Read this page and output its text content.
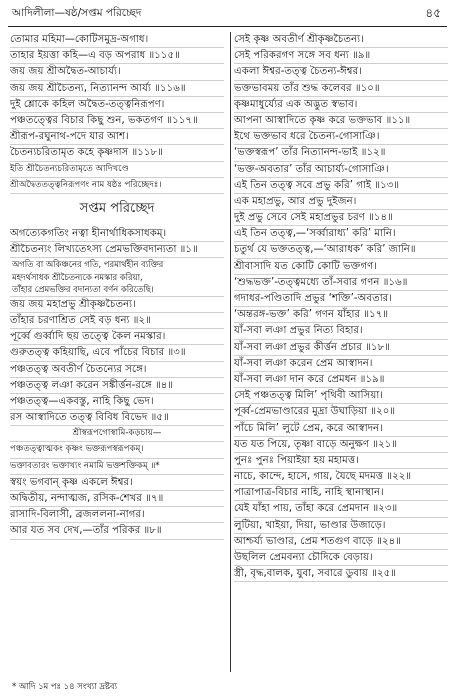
আদিলীলা—ষষ্ঠ/সপ্তম পরিচ্ছেদ	৪৫
তোমার মহিমা—কোটিসমুদ্র-অগাধ।
তাহার ইয়ত্তা কহি—এ বড় অপরাধ ॥১১৫॥
জয় জয় শ্রীঅদ্বৈত-আচার্য্য।
জয় জয় শ্রীচৈতন্য, নিত্যানন্দ আর্য্য ॥১১৬॥
দুই শ্লোকে কহিল অদ্বৈত-তত্ত্বনিরূপণ।
পঞ্চতত্ত্বের বিচার কিছু শুন, ভকতগণ ॥১১৭॥
শ্রীরূপ-রঘুনাথ-পদে যার আশ।
চৈতন্যচরিতামৃত কহে কৃষ্ণদাস ॥১১৮॥
ইতি শ্রীচৈতন্যচরিতামৃতে আদিখণ্ডে
শ্রীঅদ্বৈততত্ত্বনিরূপণং নাম ষষ্ঠঃ পরিচ্ছেদঃ।
সপ্তম পরিচ্ছেদ
অগত্যেকগতিং নত্বা হীনার্থাধিকসাধকম্।
শ্রীচৈতন্যং লিখ্যতেঽস্য প্রেমভক্তিবদান্যতা ॥১॥
অগতি বা অকিঞ্চনের গতি, পরমার্থহীন ব্যক্তির
মহদর্থসাধক শ্রীচৈতন্যকে নমস্কার করিয়া,
তাঁহার প্রেমভক্তির বদান্যতা বর্ণন করিতেছি।
জয় জয় মহাপ্রভু শ্রীকৃষ্ণচৈতন্য।
তাঁহার চরণাশ্রিত সেই বড় ধন্য ॥২॥
পূর্ব্বে গুর্ব্বাদি ছয় তত্ত্বে কৈল নমস্কার।
গুরুতত্ত্ব কহিয়াছি, এবে পাঁচের বিচার ॥৩॥
পঞ্চতত্ত্ব অবতীর্ণ চৈতন্যের সঙ্গে।
পঞ্চতত্ত্ব লঞা করেন সঙ্কীর্ত্তন-রঙ্গে ॥৪॥
পঞ্চতত্ত্ব—একবস্তু, নাহি কিছু ভেদ।
রস আস্বাদিতে তত্ত্ব বিবিধ বিভেদ ॥৫॥
শ্রীস্বরূপগোস্বামি-কড়চায়—
পঞ্চতত্ত্বাত্মকং কৃষ্ণং ভক্তরূপস্বরূপকম্।
ভক্তাবতারং ভক্তাখ্যং নমামি ভক্তশক্তিকম্ ॥*
স্বয়ং ভগবান্ কৃষ্ণ একলে ঈশ্বর।
অদ্বিতীয়, নন্দাত্মজ, রসিক-শেখর ॥৭॥
রাসাদি-বিলাসী, ব্রজললনা-নাগর।
আর যত সব দেখ,—তাঁর পরিকর ॥৮॥
সেই কৃষ্ণ অবতীর্ণ শ্রীকৃষ্ণচৈতন্য।
সেই পরিকরগণ সঙ্গে সব ধন্য ॥৯॥
একলা ঈশ্বর-তত্ত্ব চৈতন্য-ঈশ্বর।
ভক্তভাবময় তাঁর শুদ্ধ কলেবর ॥১০॥
কৃষ্ণমাধুর্য্যের এক অদ্ভুত স্বভাব।
আপনা আস্বাদিতে কৃষ্ণ করে ভক্তভাব ॥১১॥
ইথে ভক্তভাব ধরে চৈতন্য-গোসাঞি।
‘ভক্তস্বরূপ’ তাঁর নিত্যানন্দ-ভাই ॥১২॥
‘ভক্ত-অবতার’ তাঁর আচার্য্য-গোসাঞি।
এই তিন তত্ত্ব সবে প্রভু করি’ গাই ॥১৩॥
এক মহাপ্রভু, আর প্রভু দুইজন।
দুই প্রভু সেবে সেই মহাপ্রভুর চরণ ॥১৪॥
এই তিন তত্ত্ব,—‘সর্ব্বারাধ্য’ করি’ মানি।
চতুর্থ যে ভক্ততত্ত্ব,—‘আরাধক’ করি’ জানি॥
শ্রীবাসাদি যত কোটি কোটি ভক্তগণ।
‘শুদ্ধভক্ত’-তত্ত্বমধ্যে তাঁ-সবার গণন ॥১৬॥
গদাধর-পণ্ডিতাদি প্রভুর ‘শক্তি’-অবতার।
‘অন্তরঙ্গ-ভক্ত’ করি’ গণন যাঁহার ॥১৭॥
যাঁ-সবা লঞা প্রভুর নিত্য বিহার।
যাঁ-সবা লঞা প্রভুর কীর্ত্তন প্রচার ॥১৮॥
যাঁ-সবা লঞা করেন প্রেম আস্বাদন।
যাঁ-সবা লঞা দান করে প্রেমধন ॥১৯॥
সেই পঞ্চতত্ত্ব মিলি’ পৃথিবী আসিয়া।
পূর্ব্ব-প্রেমভাণ্ডারের মুদ্রা উঘাড়িয়া ॥২০॥
পাঁচে মিলি’ লুটে প্রেম, করে আস্বাদন।
যত যত পিয়ে, তৃষ্ণা বাড়ে অনুক্ষণ ॥২১॥
পুনঃ পুনঃ পিয়াইয়া হয় মহামত্ত।
নাচে, কান্দে, হাসে, গায়, যৈছে মদমত্ত ॥২২॥
পাত্রাপাত্র-বিচার নাহি, নাহি স্থানাস্থান।
যেই যাঁহা পায়, তাঁহা করে প্রেমদান ॥২৩॥
লুটিয়া, খাইয়া, দিয়া, ভাণ্ডার উজাড়ে।
আশ্চর্য্য ভাণ্ডার, প্রেম শতগুণ বাড়ে ॥২৪॥
উছলিল প্রেমবন্যা চৌদিকে বেড়ায়।
স্ত্রী, বৃদ্ধ,বালক, যুবা, সবারে ডুবায় ॥২৫॥
* আদি ১ম পঃ ১৪ সংখ্যা দ্রষ্টব্য
